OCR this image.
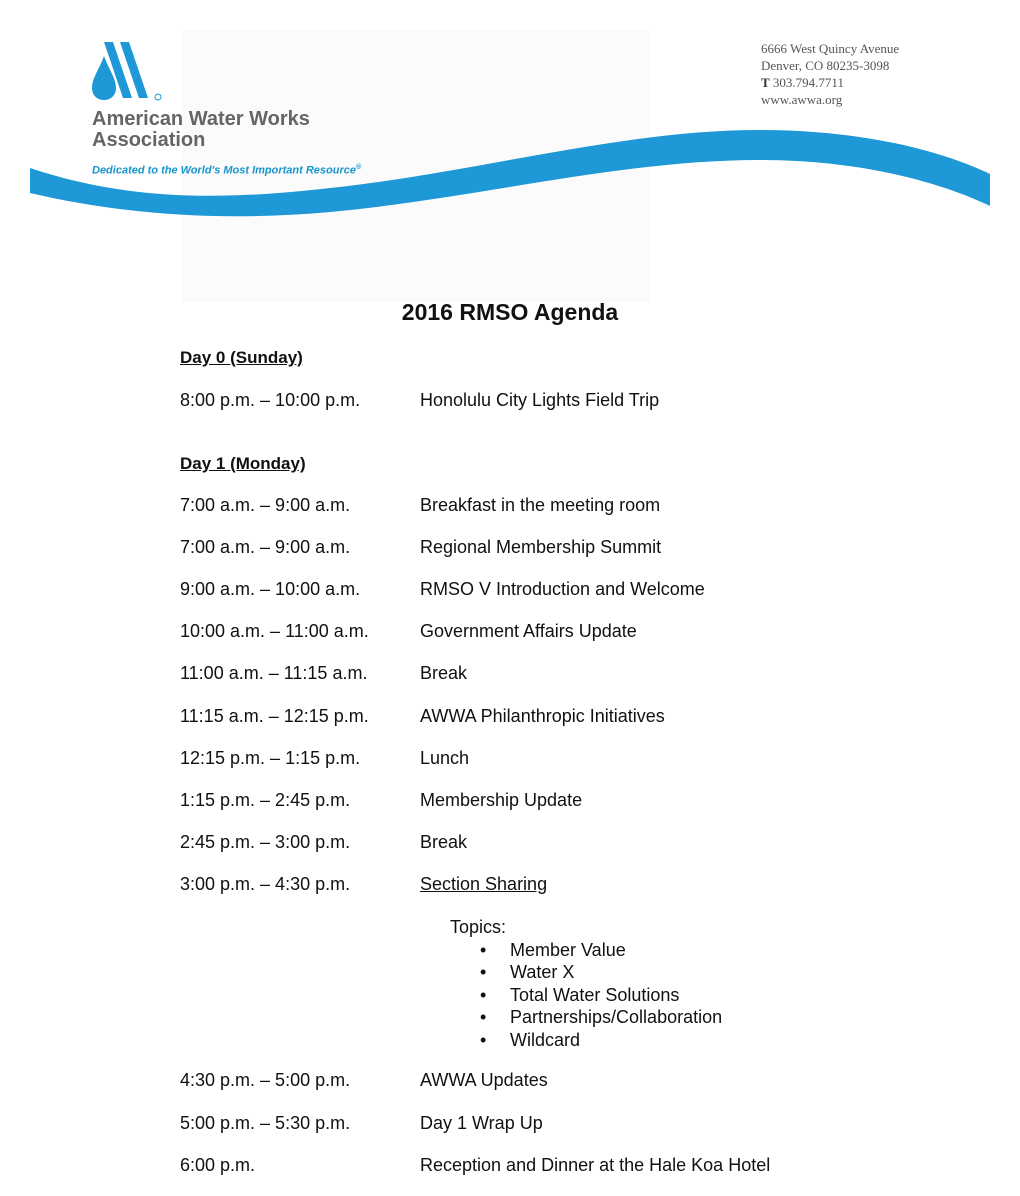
American Water Works Association
Dedicated to the World's Most Important Resource®
6666 West Quincy Avenue
Denver, CO 80235-3098
T 303.794.7711
www.awwa.org
2016 RMSO Agenda
Day 0 (Sunday)
8:00 p.m. – 10:00 p.m.	Honolulu City Lights Field Trip
Day 1 (Monday)
7:00 a.m. – 9:00 a.m.	Breakfast in the meeting room
7:00 a.m. – 9:00 a.m.	Regional Membership Summit
9:00 a.m. – 10:00 a.m.	RMSO V Introduction and Welcome
10:00 a.m. – 11:00 a.m.	Government Affairs Update
11:00 a.m. – 11:15 a.m.	Break
11:15 a.m. – 12:15 p.m.	AWWA Philanthropic Initiatives
12:15 p.m. – 1:15 p.m.	Lunch
1:15 p.m. – 2:45 p.m.	Membership Update
2:45 p.m. – 3:00 p.m.	Break
3:00 p.m. – 4:30 p.m.	Section Sharing
Topics:
• Member Value
• Water X
• Total Water Solutions
• Partnerships/Collaboration
• Wildcard
4:30 p.m. – 5:00 p.m.	AWWA Updates
5:00 p.m. – 5:30 p.m.	Day 1 Wrap Up
6:00 p.m.	Reception and Dinner at the Hale Koa Hotel
